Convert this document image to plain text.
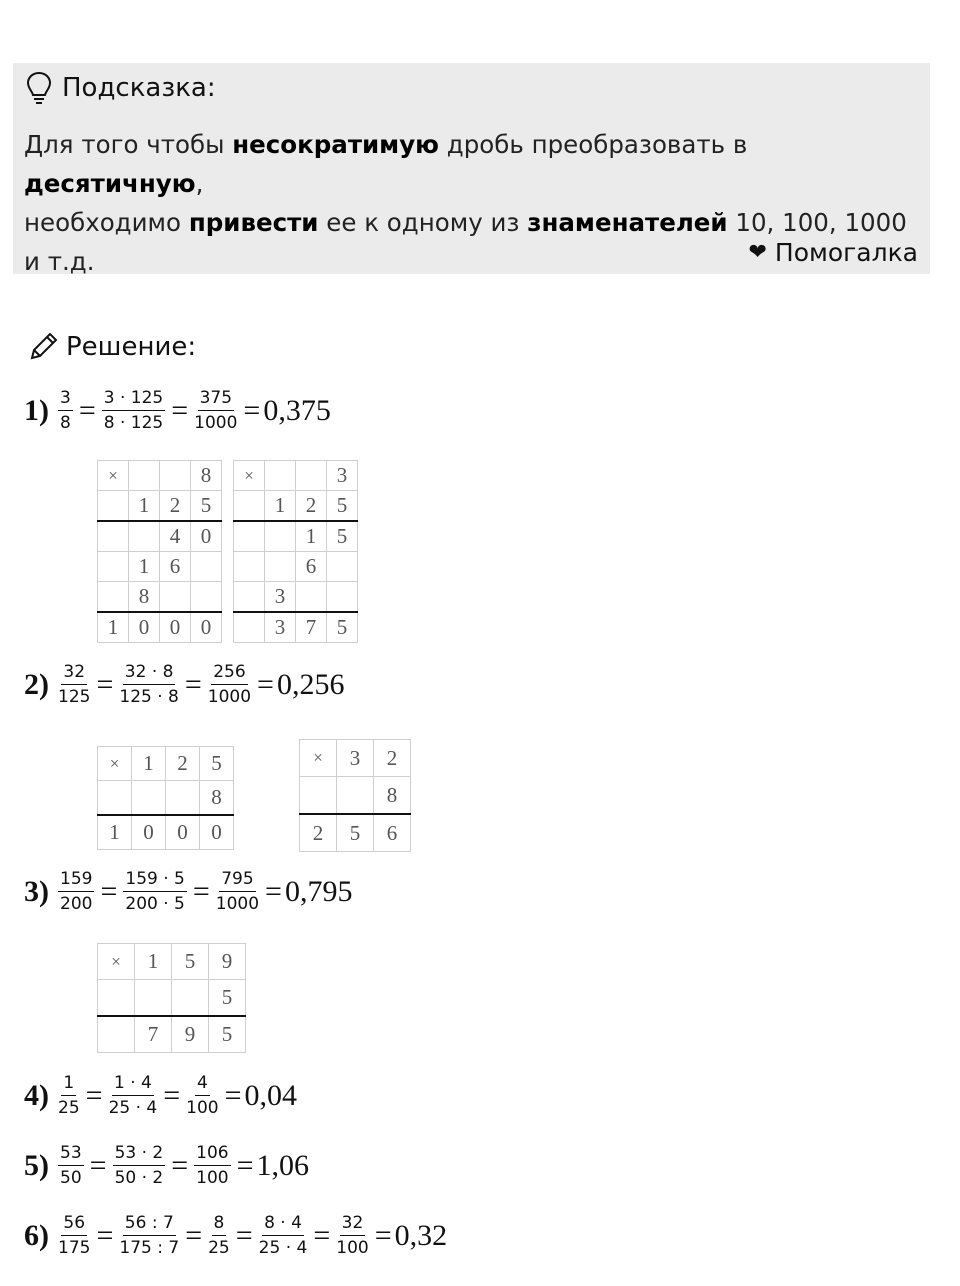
Подсказка:
Для того чтобы несократимую дробь преобразовать в десятичную,
необходимо привести ее к одному из знаменателей 10, 100, 1000 и т.д.	❤ Помогалка
Решение:
$1) \frac{3}{8} = \frac{3 \cdot 125}{8 \cdot 125} = \frac{375}{1000} = 0,375$
×			8
	1	2	5
		4	0
	1	6	
	8		
1	0	0	0
×			3
	1	2	5
		1	5
		6	
	3		
	3	7	5
$2) \frac{32}{125} = \frac{32 \cdot 8}{125 \cdot 8} = \frac{256}{1000} = 0,256$
×	1	2	5
			8
1	0	0	0
×	3	2
		8
2	5	6
$3) \frac{159}{200} = \frac{159 \cdot 5}{200 \cdot 5} = \frac{795}{1000} = 0,795$
×	1	5	9
			5
	7	9	5
$4) \frac{1}{25} = \frac{1 \cdot 4}{25 \cdot 4} = \frac{4}{100} = 0,04$
$5) \frac{53}{50} = \frac{53 \cdot 2}{50 \cdot 2} = \frac{106}{100} = 1,06$
$6) \frac{56}{175} = \frac{56 : 7}{175 : 7} = \frac{8}{25} = \frac{8 \cdot 4}{25 \cdot 4} = \frac{32}{100} = 0,32$
